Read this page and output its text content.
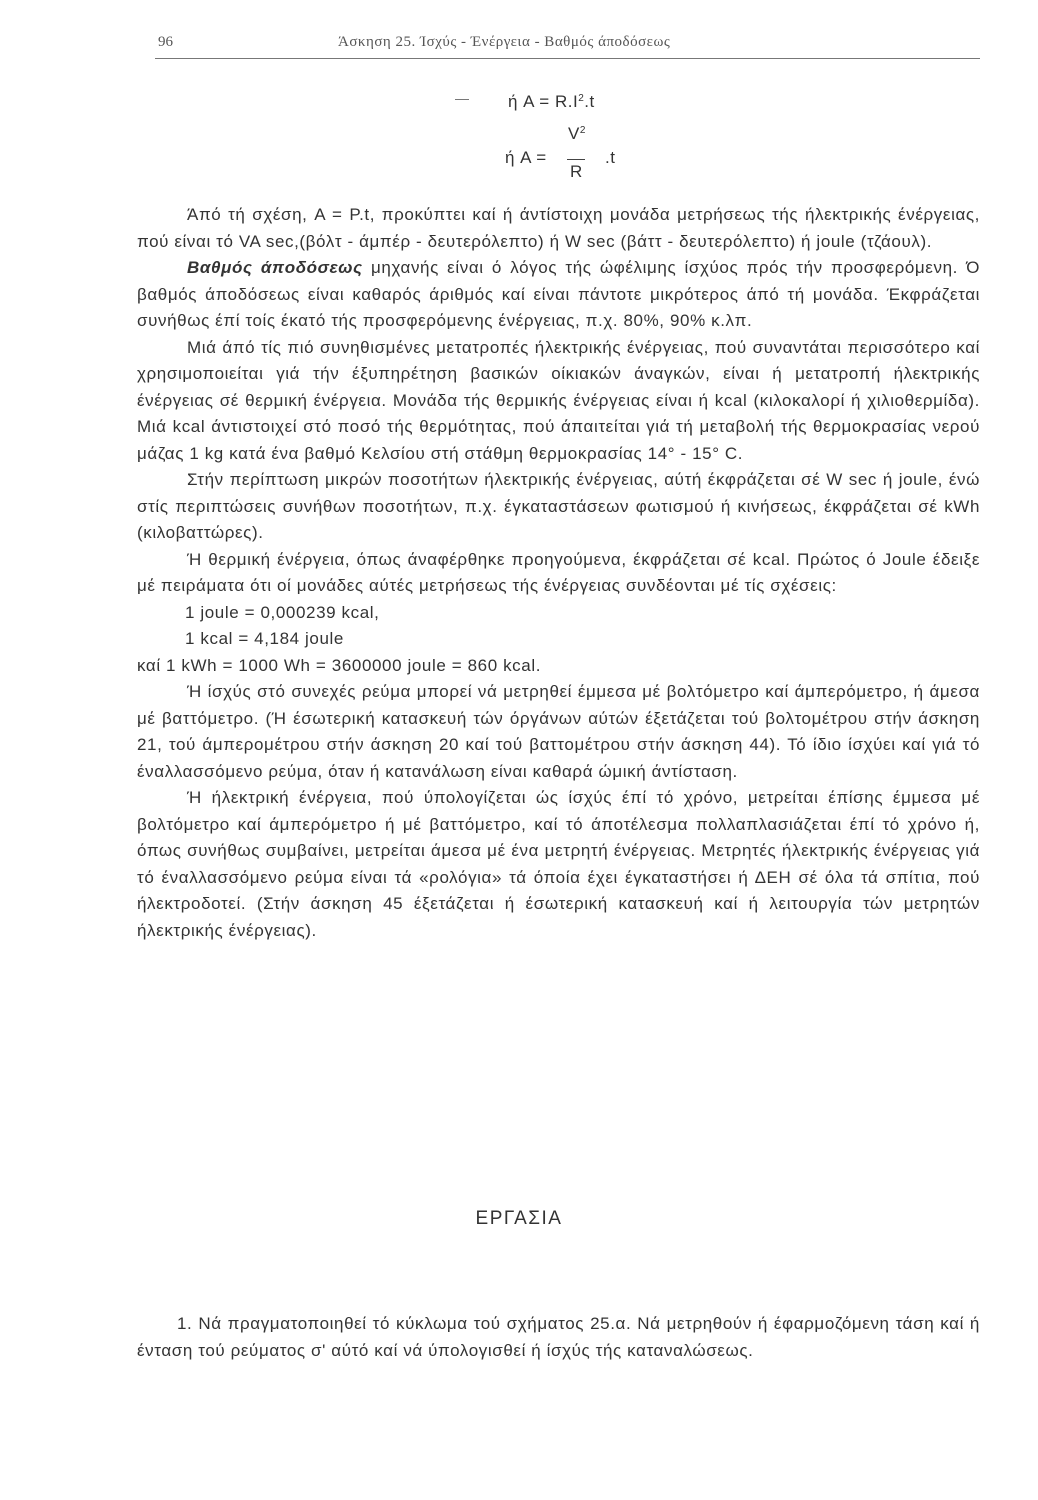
96	Άσκηση 25. Ίσχύς - Ένέργεια - Βαθμός άποδόσεως
ή $A = R.I^2.t$
$V^2$
ή A =	.t
R

Άπό τή σχέση, A = P.t, προκύπτει καί ή άντίστοιχη μονάδα μετρήσεως τής ήλεκτρικής ένέργειας, πού είναι τό VA sec,(βόλτ - άμπέρ - δευτερόλεπτο) ή W sec (βάττ - δευτερόλεπτο) ή joule (τζάουλ).

Βαθμός άποδόσεως μηχανής είναι ό λόγος τής ώφέλιμης ίσχύος πρός τήν προσφερόμενη. Ό βαθμός άποδόσεως είναι καθαρός άριθμός καί είναι πάντοτε μικρότερος άπό τή μονάδα. Έκφράζεται συνήθως έπί τοίς έκατό τής προσφερόμενης ένέργειας, π.χ. 80%, 90% κ.λπ.

Μιά άπό τίς πιό συνηθισμένες μετατροπές ήλεκτρικής ένέργειας, πού συναντάται περισσότερο καί χρησιμοποιείται γιά τήν έξυπηρέτηση βασικών οίκιακών άναγκών, είναι ή μετατροπή ήλεκτρικής ένέργειας σέ θερμική ένέργεια. Μονάδα τής θερμικής ένέργειας είναι ή kcal (κιλοκαλορί ή χιλιοθερμίδα). Μιά kcal άντιστοιχεί στό ποσό τής θερμότητας, πού άπαιτείται γιά τή μεταβολή τής θερμοκρασίας νερού μάζας 1 kg κατά ένα βαθμό Κελσίου στή στάθμη θερμοκρασίας 14° - 15° C.

Στήν περίπτωση μικρών ποσοτήτων ήλεκτρικής ένέργειας, αύτή έκφράζεται σέ W sec ή joule, ένώ στίς περιπτώσεις συνήθων ποσοτήτων, π.χ. έγκαταστάσεων φωτισμού ή κινήσεως, έκφράζεται σέ kWh (κιλοβαττώρες).

Ή θερμική ένέργεια, όπως άναφέρθηκε προηγούμενα, έκφράζεται σέ kcal. Πρώτος ό Joule έδειξε μέ πειράματα ότι οί μονάδες αύτές μετρήσεως τής ένέργειας συνδέονται μέ τίς σχέσεις:

1 joule = 0,000239 kcal,

1 kcal = 4,184 joule

καί 1 kWh = 1000 Wh = 3600000 joule = 860 kcal.

Ή ίσχύς στό συνεχές ρεύμα μπορεί νά μετρηθεί έμμεσα μέ βολτόμετρο καί άμπερόμετρο, ή άμεσα μέ βαττόμετρο. (Ή έσωτερική κατασκευή τών όργάνων αύτών έξετάζεται τού βολτομέτρου στήν άσκηση 21, τού άμπερομέτρου στήν άσκηση 20 καί τού βαττομέτρου στήν άσκηση 44). Τό ίδιο ίσχύει καί γιά τό έναλλασσόμενο ρεύμα, όταν ή κατανάλωση είναι καθαρά ώμική άντίσταση.

Ή ήλεκτρική ένέργεια, πού ύπολογίζεται ώς ίσχύς έπί τό χρόνο, μετρείται έπίσης έμμεσα μέ βολτόμετρο καί άμπερόμετρο ή μέ βαττόμετρο, καί τό άποτέλεσμα πολλαπλασιάζεται έπί τό χρόνο ή, όπως συνήθως συμβαίνει, μετρείται άμεσα μέ ένα μετρητή ένέργειας. Μετρητές ήλεκτρικής ένέργειας γιά τό έναλλασσόμενο ρεύμα είναι τά «ρολόγια» τά όποία έχει έγκαταστήσει ή ΔΕΗ σέ όλα τά σπίτια, πού ήλεκτροδοτεί. (Στήν άσκηση 45 έξετάζεται ή έσωτερική κατασκευή καί ή λειτουργία τών μετρητών ήλεκτρικής ένέργειας).

ΕΡΓΑΣΙΑ

1. Νά πραγματοποιηθεί τό κύκλωμα τού σχήματος 25.α. Νά μετρηθούν ή έφαρμοζόμενη τάση καί ή ένταση τού ρεύματος σ' αύτό καί νά ύπολογισθεί ή ίσχύς τής καταναλώσεως.
